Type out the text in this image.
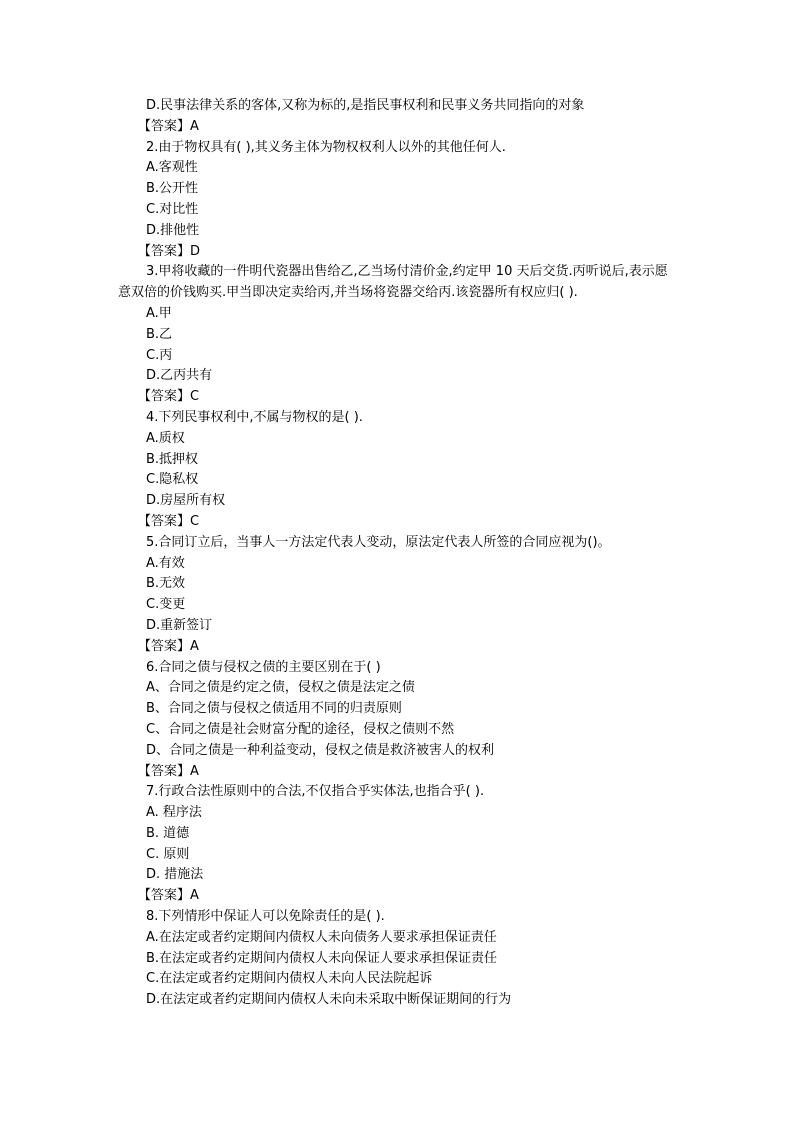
D.民事法律关系的客体,又称为标的,是指民事权利和民事义务共同指向的对象
【答案】A
2.由于物权具有( ),其义务主体为物权权利人以外的其他任何人.
A.客观性
B.公开性
C.对比性
D.排他性
【答案】D
3.甲将收藏的一件明代瓷器出售给乙,乙当场付清价金,约定甲 10 天后交货.丙听说后,表示愿意双倍的价钱购买.甲当即决定卖给丙,并当场将瓷器交给丙.该瓷器所有权应归( ).
A.甲
B.乙
C.丙
D.乙丙共有
【答案】C
4.下列民事权利中,不属与物权的是( ).
A.质权
B.抵押权
C.隐私权
D.房屋所有权
【答案】C
5.合同订立后，当事人一方法定代表人变动，原法定代表人所签的合同应视为()。
A.有效
B.无效
C.变更
D.重新签订
【答案】A
6.合同之债与侵权之债的主要区别在于( )
A、合同之债是约定之债，侵权之债是法定之债
B、合同之债与侵权之债适用不同的归责原则
C、合同之债是社会财富分配的途径，侵权之债则不然
D、合同之债是一种利益变动，侵权之债是救济被害人的权利
【答案】A
7.行政合法性原则中的合法,不仅指合乎实体法,也指合乎( ).
A. 程序法
B. 道德
C. 原则
D. 措施法
【答案】A
8.下列情形中保证人可以免除责任的是( ).
A.在法定或者约定期间内债权人未向债务人要求承担保证责任
B.在法定或者约定期间内债权人未向保证人要求承担保证责任
C.在法定或者约定期间内债权人未向人民法院起诉
D.在法定或者约定期间内债权人未向未采取中断保证期间的行为
